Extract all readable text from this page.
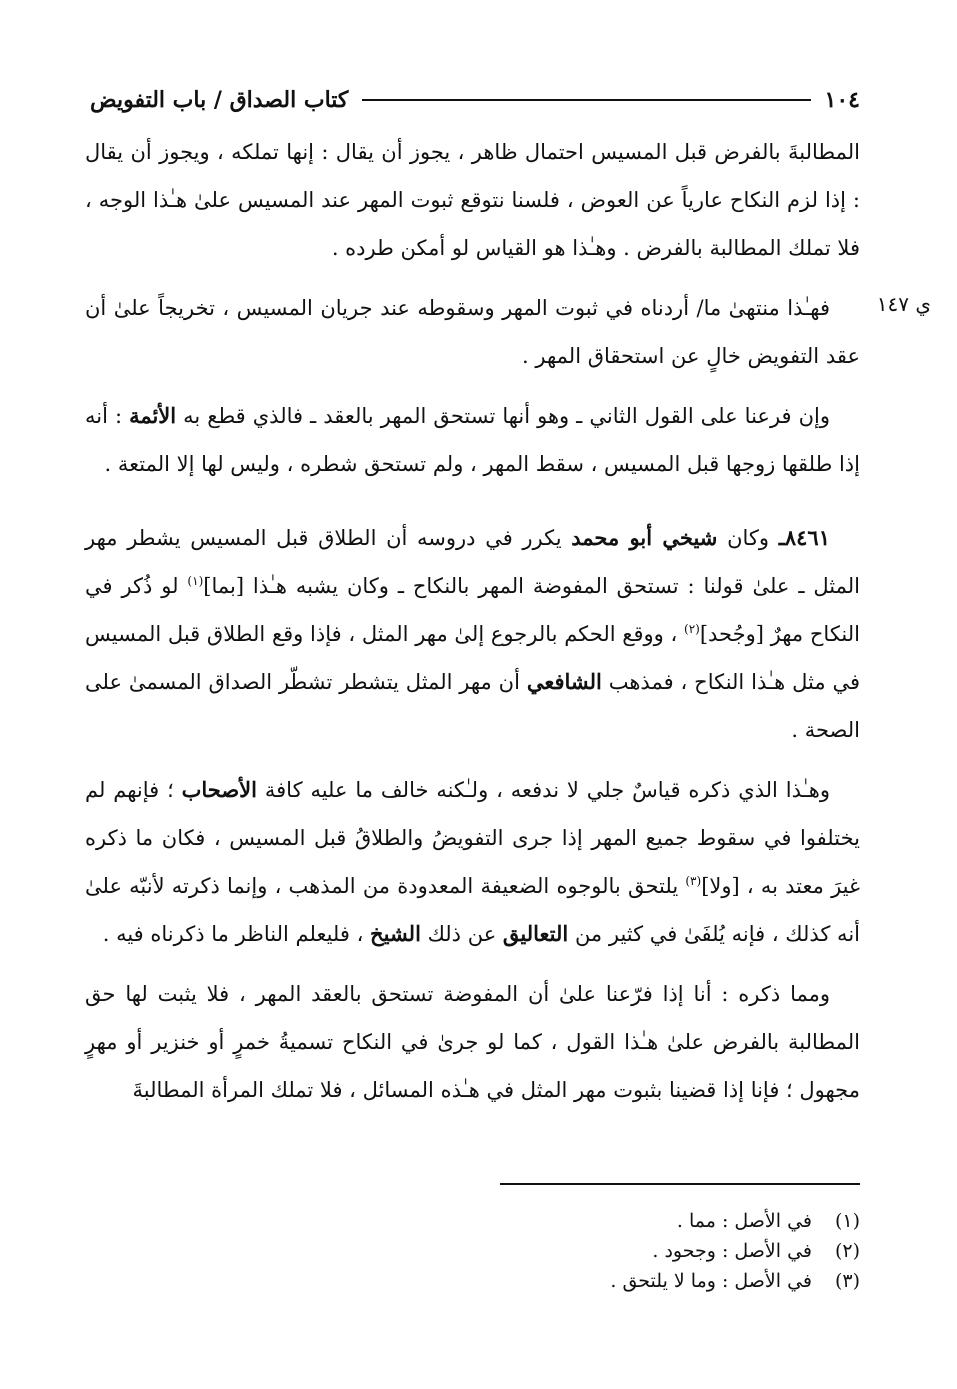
١٠٤
كتاب الصداق / باب التفويض
ي ١٤٧

المطالبةَ بالفرض قبل المسيس احتمال ظاهر ، يجوز أن يقال : إنها تملكه ، ويجوز أن يقال : إذا لزم النكاح عارياً عن العوض ، فلسنا نتوقع ثبوت المهر عند المسيس علىٰ هـٰذا الوجه ، فلا تملك المطالبة بالفرض . وهـٰذا هو القياس لو أمكن طرده .

فهـٰذا منتهىٰ ما/ أردناه في ثبوت المهر وسقوطه عند جريان المسيس ، تخريجاً علىٰ أن عقد التفويض خالٍ عن استحقاق المهر .

وإن فرعنا على القول الثاني ـ وهو أنها تستحق المهر بالعقد ـ فالذي قطع به الأئمة : أنه إذا طلقها زوجها قبل المسيس ، سقط المهر ، ولم تستحق شطره ، وليس لها إلا المتعة .

٨٤٦١ـ وكان شيخي أبو محمد يكرر في دروسه أن الطلاق قبل المسيس يشطر مهر المثل ـ علىٰ قولنا : تستحق المفوضة المهر بالنكاح ـ وكان يشبه هـٰذا [بما]$^{(١)}$ لو ذُكر في النكاح مهرٌ [وجُحد]$^{(٢)}$ ، ووقع الحكم بالرجوع إلىٰ مهر المثل ، فإذا وقع الطلاق قبل المسيس في مثل هـٰذا النكاح ، فمذهب الشافعي أن مهر المثل يتشطر تشطّر الصداق المسمىٰ على الصحة .

وهـٰذا الذي ذكره قياسٌ جلي لا ندفعه ، ولـٰكنه خالف ما عليه كافة الأصحاب ؛ فإنهم لم يختلفوا في سقوط جميع المهر إذا جرى التفويضُ والطلاقُ قبل المسيس ، فكان ما ذكره غيرَ معتد به ، [ولا]$^{(٣)}$ يلتحق بالوجوه الضعيفة المعدودة من المذهب ، وإنما ذكرته لأنبّه علىٰ أنه كذلك ، فإنه يُلفَىٰ في كثير من التعاليق عن ذلك الشيخ ، فليعلم الناظر ما ذكرناه فيه .

ومما ذكره : أنا إذا فرّعنا علىٰ أن المفوضة تستحق بالعقد المهر ، فلا يثبت لها حق المطالبة بالفرض علىٰ هـٰذا القول ، كما لو جرىٰ في النكاح تسميةُ خمرٍ أو خنزير أو مهرٍ مجهول ؛ فإنا إذا قضينا بثبوت مهر المثل في هـٰذه المسائل ، فلا تملك المرأة المطالبةَ

(١)
في الأصل : مما .
(٢)
في الأصل : وجحود .
(٣)
في الأصل : وما لا يلتحق .
